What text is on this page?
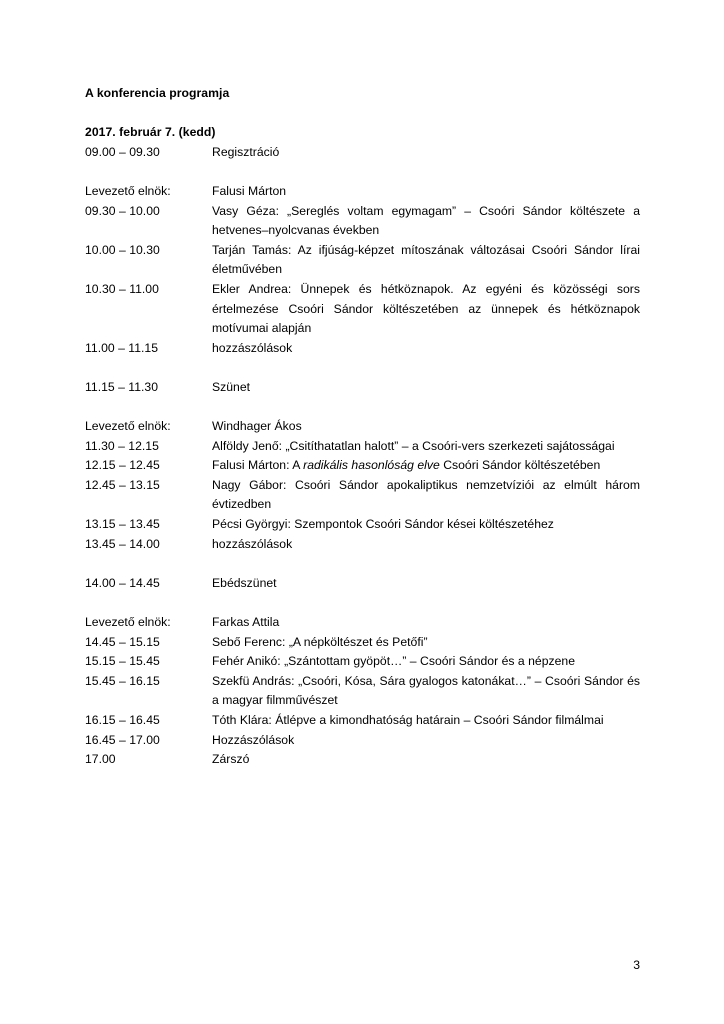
A konferencia programja
2017. február 7. (kedd)
09.00 – 09.30	Regisztráció
Levezető elnök:	Falusi Márton
09.30 – 10.00	Vasy Géza: „Sereglés voltam egymagam” – Csoóri Sándor költészete a hetvenes–nyolcvanas években
10.00 – 10.30	Tarján Tamás: Az ifjúság-képzet mítoszának változásai Csoóri Sándor lírai életművében
10.30 – 11.00	Ekler Andrea: Ünnepek és hétköznapok. Az egyéni és közösségi sors értelmezése Csoóri Sándor költészetében az ünnepek és hétköznapok motívumai alapján
11.00 – 11.15	hozzászólások
11.15 – 11.30	Szünet
Levezető elnök:	Windhager Ákos
11.30 – 12.15	Alföldy Jenő: „Csitíthatatlan halott” – a Csoóri-vers szerkezeti sajátosságai
12.15 – 12.45	Falusi Márton: A radikális hasonlóság elve Csoóri Sándor költészetében
12.45 – 13.15	Nagy Gábor: Csoóri Sándor apokaliptikus nemzetvíziói az elmúlt három évtizedben
13.15 – 13.45	Pécsi Györgyi: Szempontok Csoóri Sándor kései költészetéhez
13.45 – 14.00	hozzászólások
14.00 – 14.45	Ebédszünet
Levezető elnök:	Farkas Attila
14.45 – 15.15	Sebő Ferenc: „A népköltészet és Petőfi”
15.15 – 15.45	Fehér Anikó: „Szántottam gyöpöt…” – Csoóri Sándor és a népzene
15.45 – 16.15	Szekfü András: „Csoóri, Kósa, Sára gyalogos katonákat…” – Csoóri Sándor és a magyar filmművészet
16.15 – 16.45	Tóth Klára: Átlépve a kimondhatóság határain – Csoóri Sándor filmálmai
16.45 – 17.00	Hozzászólások
17.00	Zárszó
3
